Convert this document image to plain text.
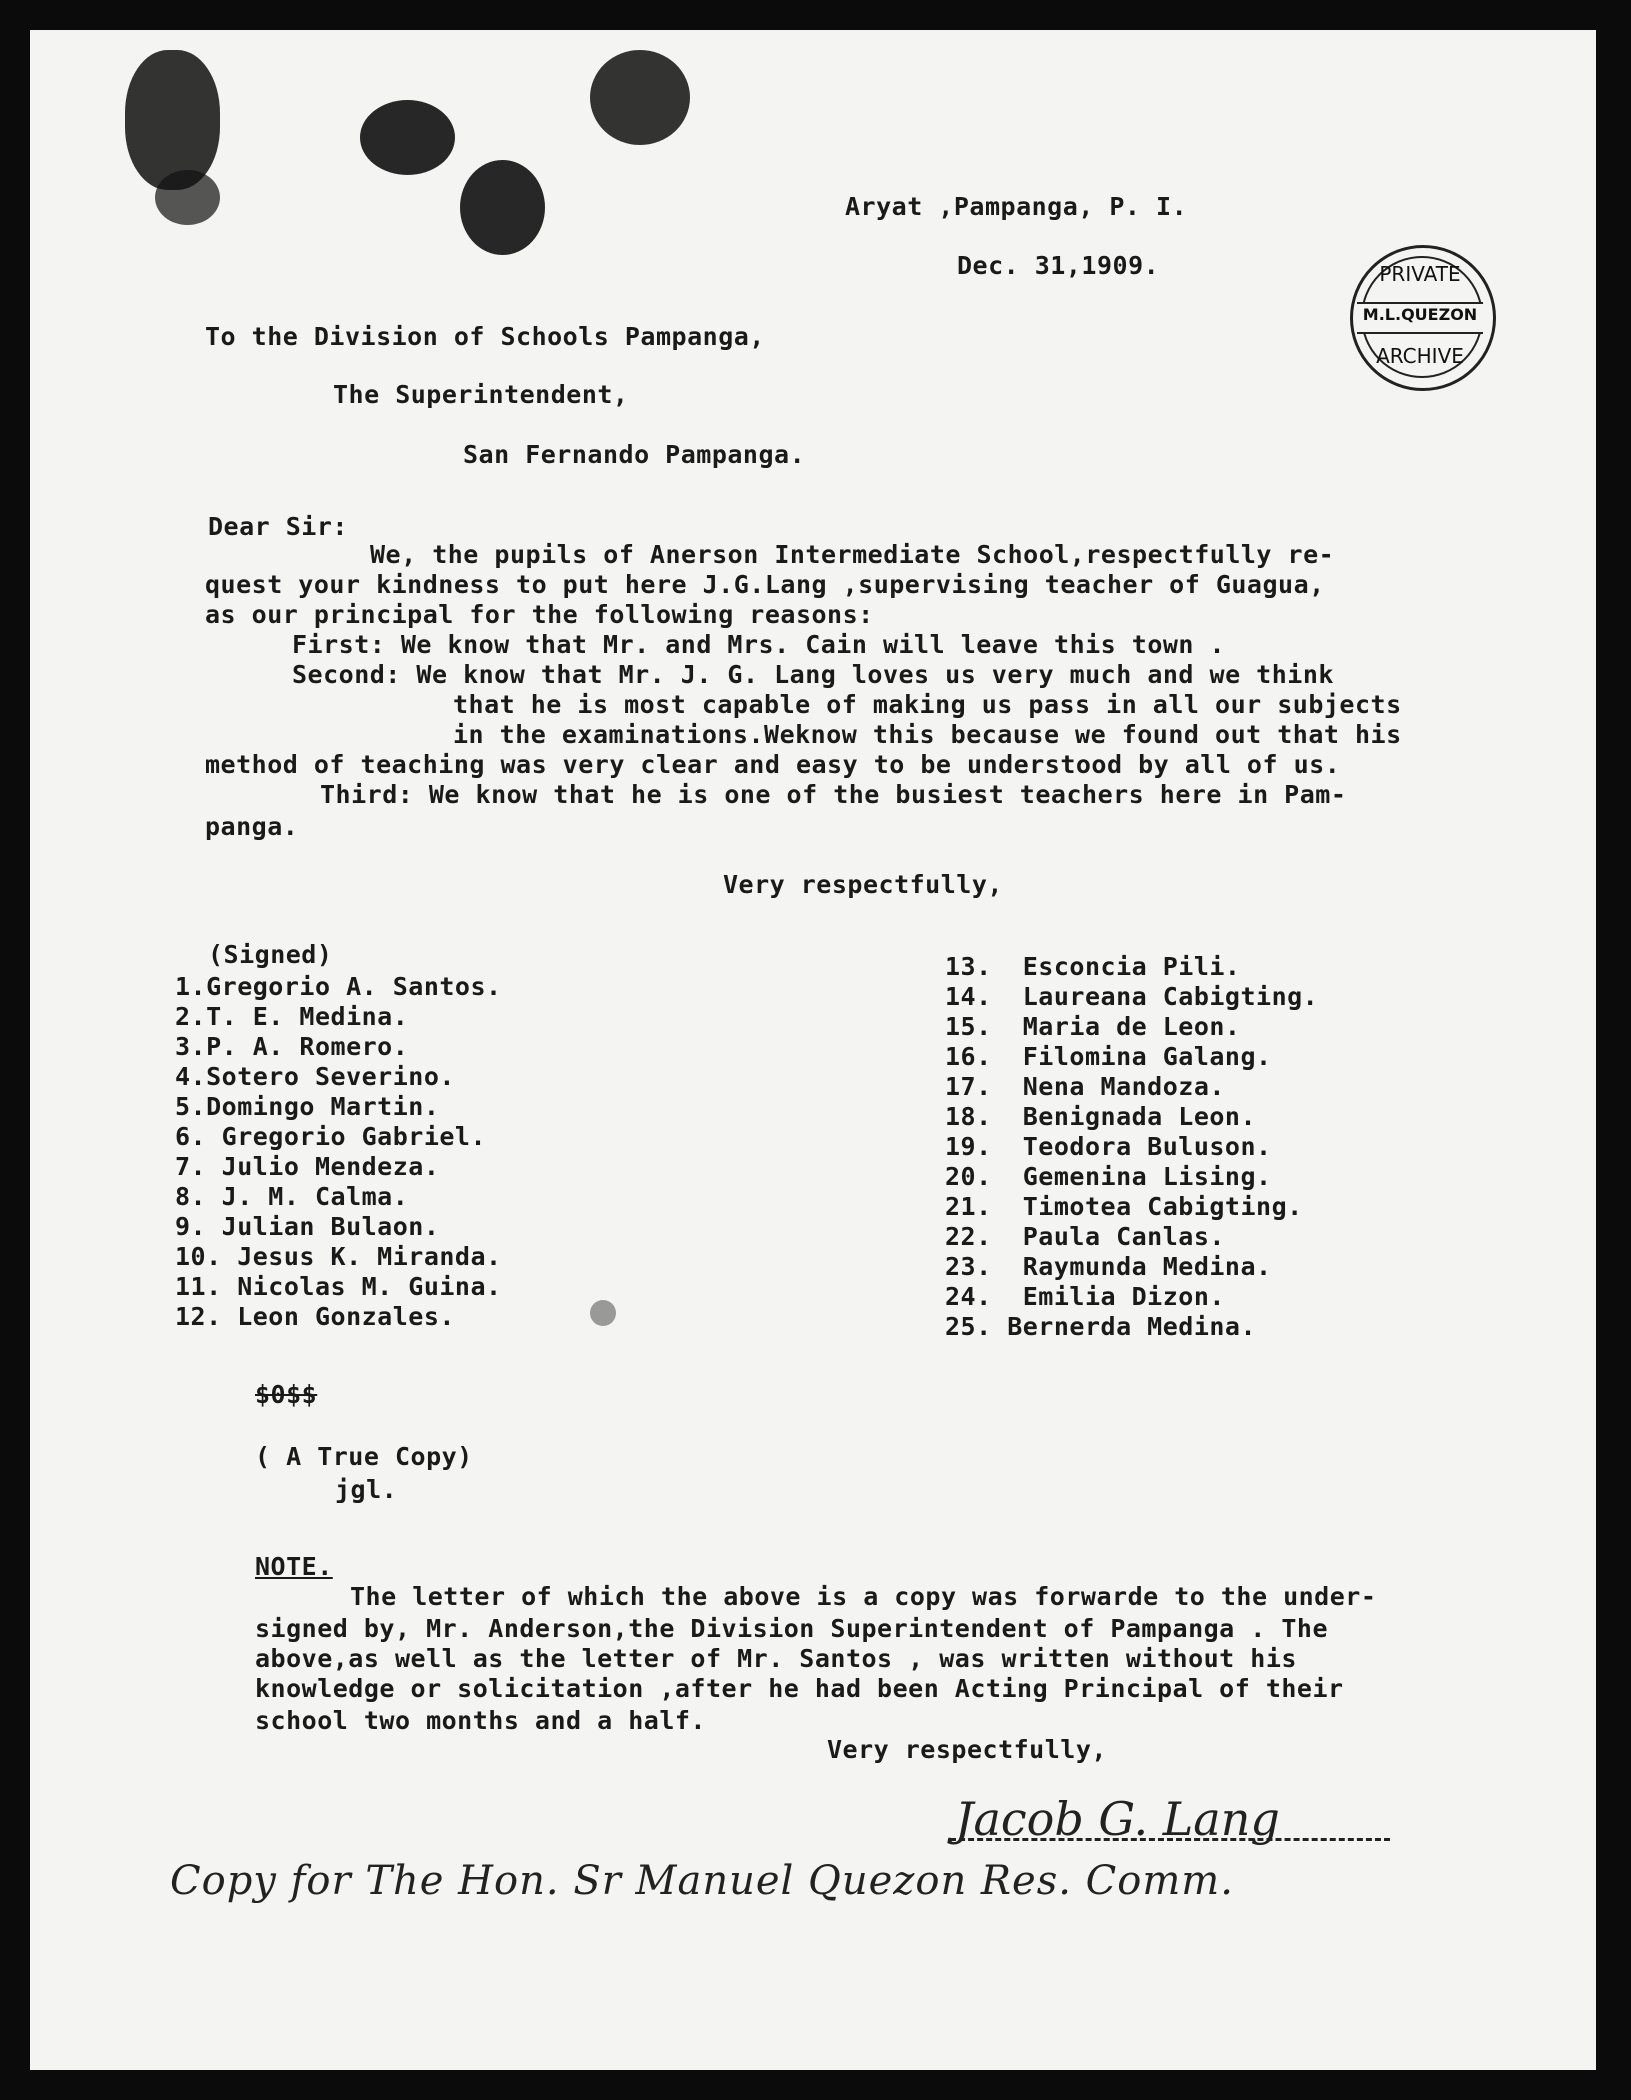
PRIVATE
M.L.QUEZON
ARCHIVE
Aryat ,Pampanga, P. I.
Dec. 31,1909.
To the Division of Schools Pampanga,
The Superintendent,
San Fernando Pampanga.
Dear Sir:
We, the pupils of Anerson Intermediate School,respectfully re-
quest your kindness to put here J.G.Lang ,supervising teacher of Guagua,
as our principal for the following reasons:
First: We know that Mr. and Mrs. Cain will leave this town .
Second: We know that Mr. J. G. Lang loves us very much and we think
that he is most capable of making us pass in all our subjects
in the examinations.Weknow this because we found out that his
method of teaching was very clear and easy to be understood by all of us.
Third: We know that he is one of the busiest teachers here in Pam-
panga.
Very respectfully,
(Signed)
1.Gregorio A. Santos.
2.T. E. Medina.
3.P. A. Romero.
4.Sotero Severino.
5.Domingo Martin.
6. Gregorio Gabriel.
7. Julio Mendeza.
8. J. M. Calma.
9. Julian Bulaon.
10. Jesus K. Miranda.
11. Nicolas M. Guina.
12. Leon Gonzales.
13.  Esconcia Pili.
14.  Laureana Cabigting.
15.  Maria de Leon.
16.  Filomina Galang.
17.  Nena Mandoza.
18.  Benignada Leon.
19.  Teodora Buluson.
20.  Gemenina Lising.
21.  Timotea Cabigting.
22.  Paula Canlas.
23.  Raymunda Medina.
24.  Emilia Dizon.
25. Bernerda Medina.
$0$$
( A True Copy)
jgl.
NOTE.
The letter of which the above is a copy was forwarde to the under-
signed by, Mr. Anderson,the Division Superintendent of Pampanga . The
above,as well as the letter of Mr. Santos , was written without his
knowledge or solicitation ,after he had been Acting Principal of their
school two months and a half.
Very respectfully,
Jacob G. Lang
Copy for The Hon. Sr Manuel Quezon Res. Comm.
